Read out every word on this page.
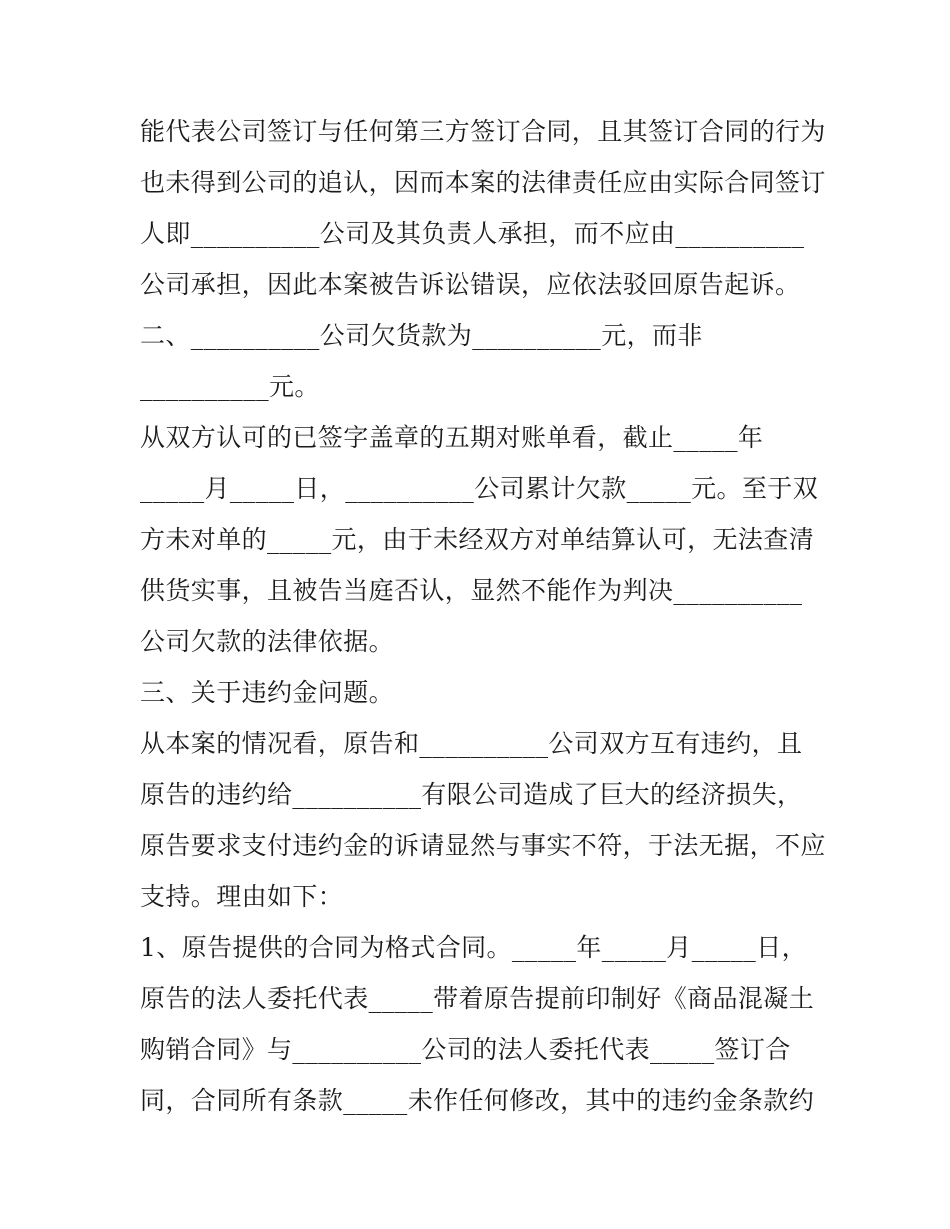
能代表公司签订与任何第三方签订合同，且其签订合同的行为
也未得到公司的追认，因而本案的法律责任应由实际合同签订
人即__________公司及其负责人承担，而不应由__________
公司承担，因此本案被告诉讼错误，应依法驳回原告起诉。
二、__________公司欠货款为__________元，而非
__________元。
从双方认可的已签字盖章的五期对账单看，截止_____年
_____月_____日，__________公司累计欠款_____元。至于双
方未对单的_____元，由于未经双方对单结算认可，无法查清
供货实事，且被告当庭否认，显然不能作为判决__________
公司欠款的法律依据。
三、关于违约金问题。
从本案的情况看，原告和__________公司双方互有违约，且
原告的违约给__________有限公司造成了巨大的经济损失，
原告要求支付违约金的诉请显然与事实不符，于法无据，不应
支持。理由如下：
1、原告提供的合同为格式合同。_____年_____月_____日，
原告的法人委托代表_____带着原告提前印制好《商品混凝土
购销合同》与__________公司的法人委托代表_____签订合
同，合同所有条款_____未作任何修改，其中的违约金条款约
